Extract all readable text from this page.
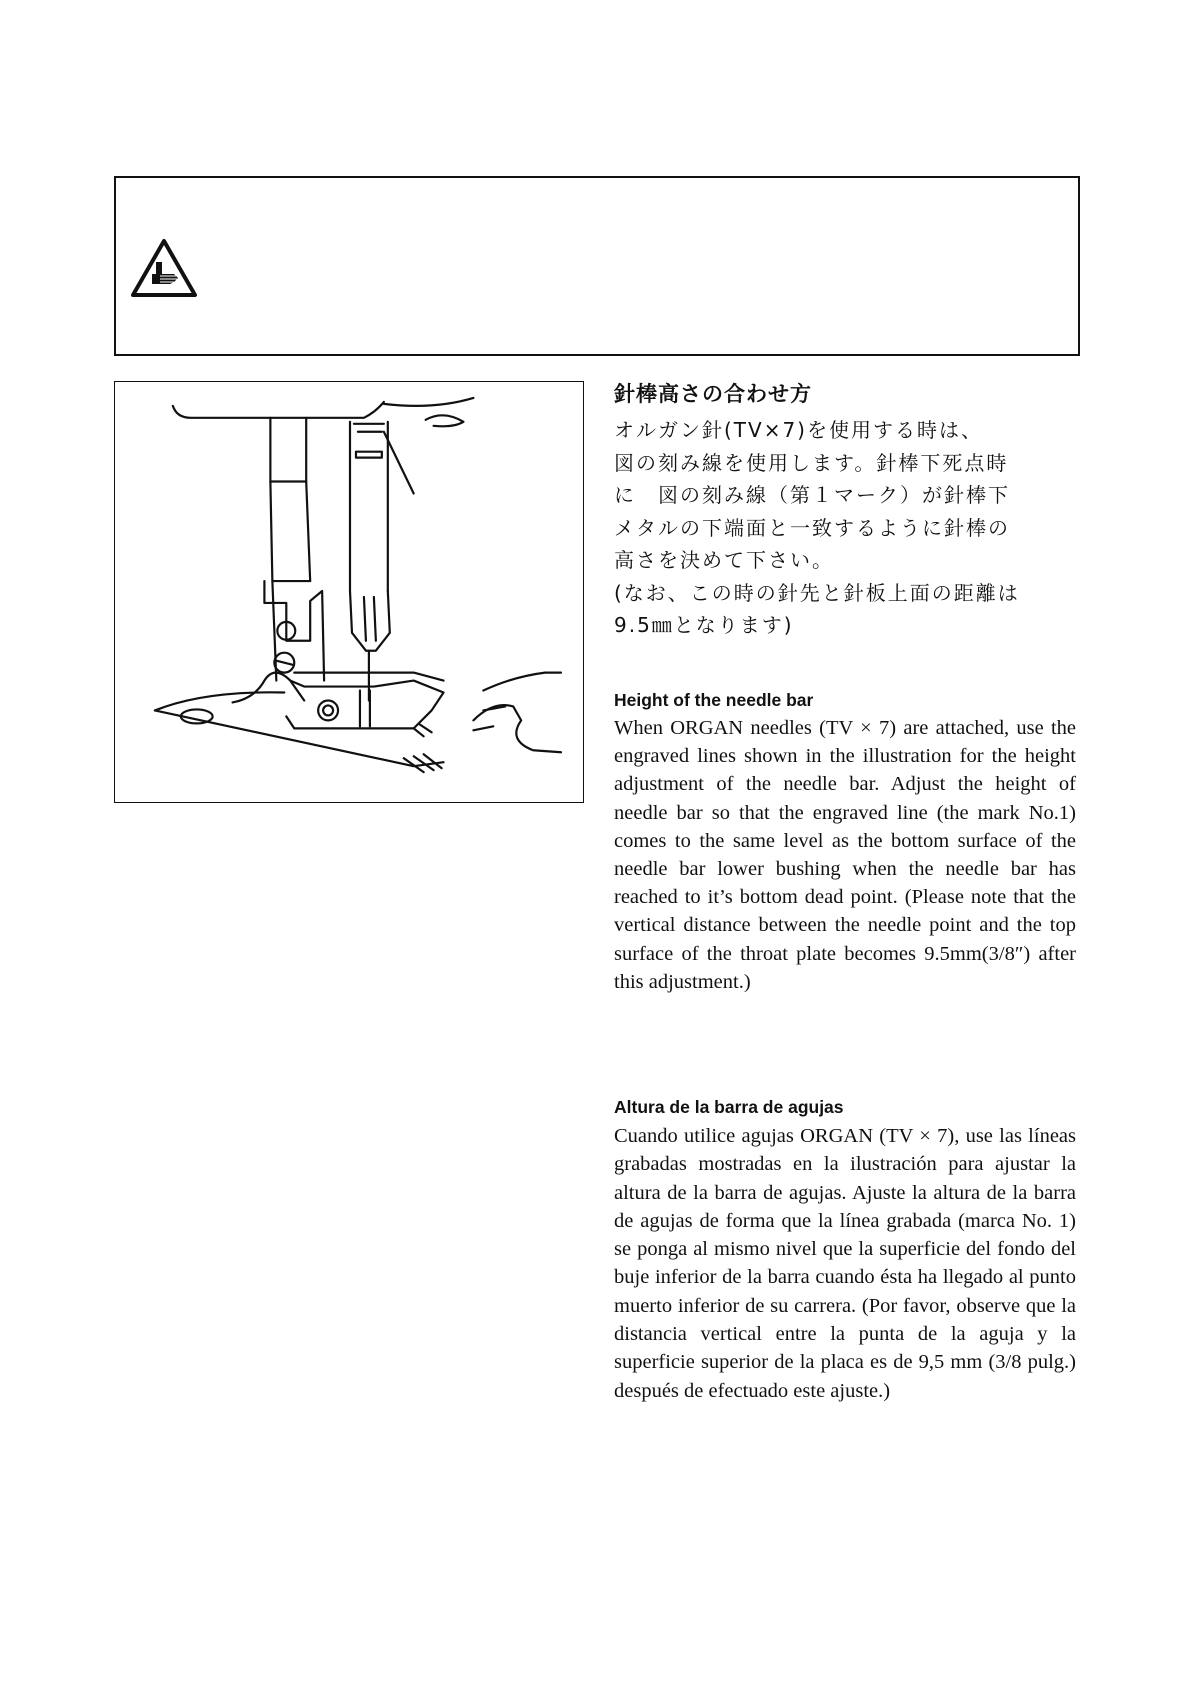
針棒高さの合わせ方

オルガン針(TV×7)を使用する時は、
図の刻み線を使用します。針棒下死点時
に　図の刻み線（第１マーク）が針棒下
メタルの下端面と一致するように針棒の
高さを決めて下さい。
(なお、この時の針先と針板上面の距離は
9.5㎜となります)

Height of the needle bar

When ORGAN needles (TV × 7) are attached, use the engraved lines shown in the illustration for the height adjustment of the needle bar. Adjust the height of needle bar so that the engraved line (the mark No.1) comes to the same level as the bottom surface of the needle bar lower bushing when the needle bar has reached to it’s bottom dead point. (Please note that the vertical distance between the needle point and the top surface of the throat plate becomes 9.5mm(3/8″) after this adjustment.)

Altura de la barra de agujas

Cuando utilice agujas ORGAN (TV × 7), use las líneas grabadas mostradas en la ilustración para ajustar la altura de la barra de agujas. Ajuste la altura de la barra de agujas de forma que la línea grabada (marca No. 1) se ponga al mismo nivel que la superficie del fondo del buje inferior de la barra cuando ésta ha llegado al punto muerto inferior de su carrera. (Por favor, observe que la distancia vertical entre la punta de la aguja y la superficie superior de la placa es de 9,5 mm (3/8 pulg.) después de efectuado este ajuste.)
